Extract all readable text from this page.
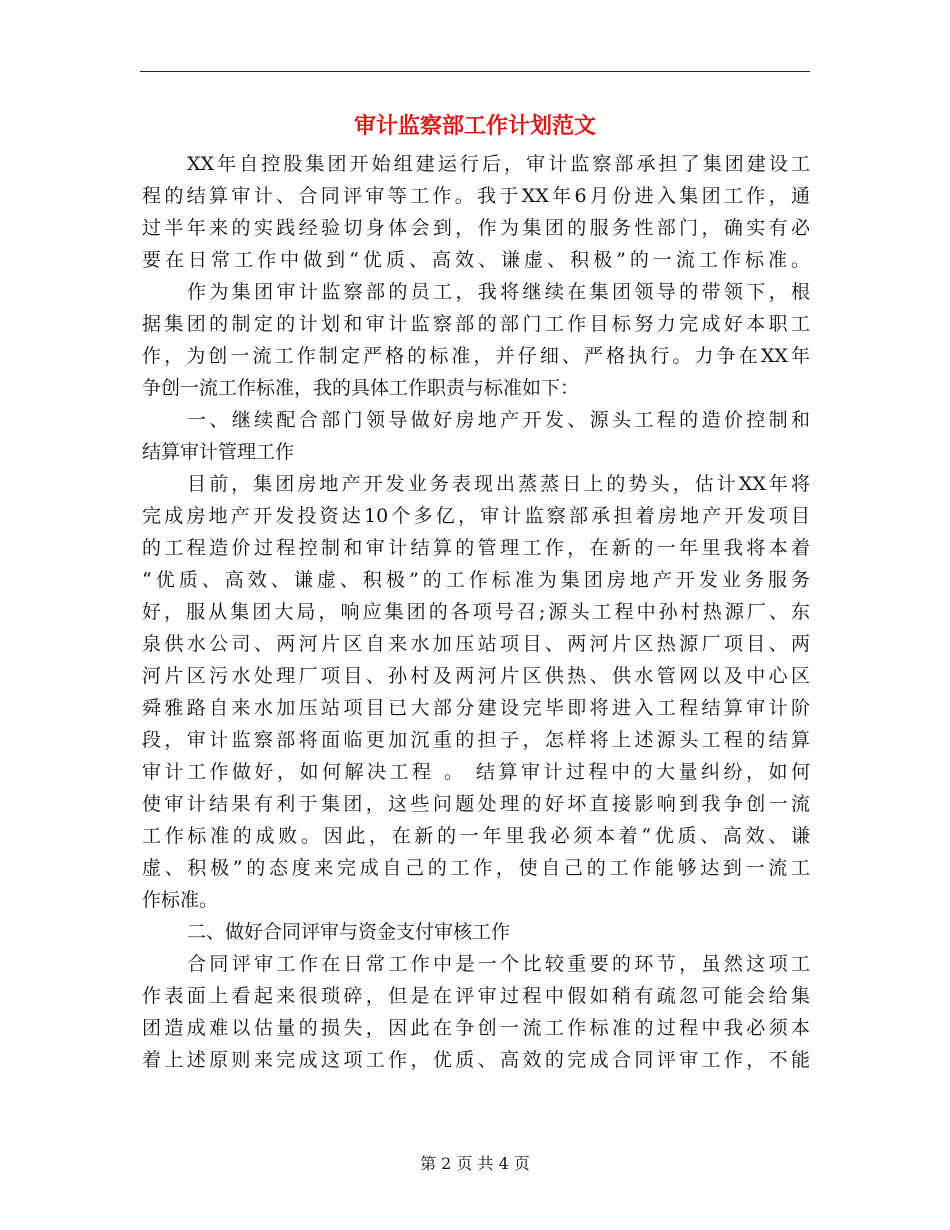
审计监察部工作计划范文
XX年自控股集团开始组建运行后，审计监察部承担了集团建设工
程的结算审计、合同评审等工作。我于XX年6月份进入集团工作，通
过半年来的实践经验切身体会到，作为集团的服务性部门，确实有必
要在日常工作中做到“优质、高效、谦虚、积极”的一流工作标准。
作为集团审计监察部的员工，我将继续在集团领导的带领下，根
据集团的制定的计划和审计监察部的部门工作目标努力完成好本职工
作，为创一流工作制定严格的标准，并仔细、严格执行。力争在XX年
争创一流工作标准，我的具体工作职责与标准如下：
一、继续配合部门领导做好房地产开发、源头工程的造价控制和
结算审计管理工作
目前，集团房地产开发业务表现出蒸蒸日上的势头，估计XX年将
完成房地产开发投资达10个多亿，审计监察部承担着房地产开发项目
的工程造价过程控制和审计结算的管理工作，在新的一年里我将本着
“优质、高效、谦虚、积极”的工作标准为集团房地产开发业务服务
好，服从集团大局，响应集团的各项号召;源头工程中孙村热源厂、东
泉供水公司、两河片区自来水加压站项目、两河片区热源厂项目、两
河片区污水处理厂项目、孙村及两河片区供热、供水管网以及中心区
舜雅路自来水加压站项目已大部分建设完毕即将进入工程结算审计阶
段，审计监察部将面临更加沉重的担子，怎样将上述源头工程的结算
审计工作做好，如何解决工程 。 结算审计过程中的大量纠纷，如何
使审计结果有利于集团，这些问题处理的好坏直接影响到我争创一流
工作标准的成败。因此，在新的一年里我必须本着“优质、高效、谦
虚、积极”的态度来完成自己的工作，使自己的工作能够达到一流工
作标准。
二、做好合同评审与资金支付审核工作
合同评审工作在日常工作中是一个比较重要的环节，虽然这项工
作表面上看起来很琐碎，但是在评审过程中假如稍有疏忽可能会给集
团造成难以估量的损失，因此在争创一流工作标准的过程中我必须本
着上述原则来完成这项工作，优质、高效的完成合同评审工作，不能
第 2 页 共 4 页
